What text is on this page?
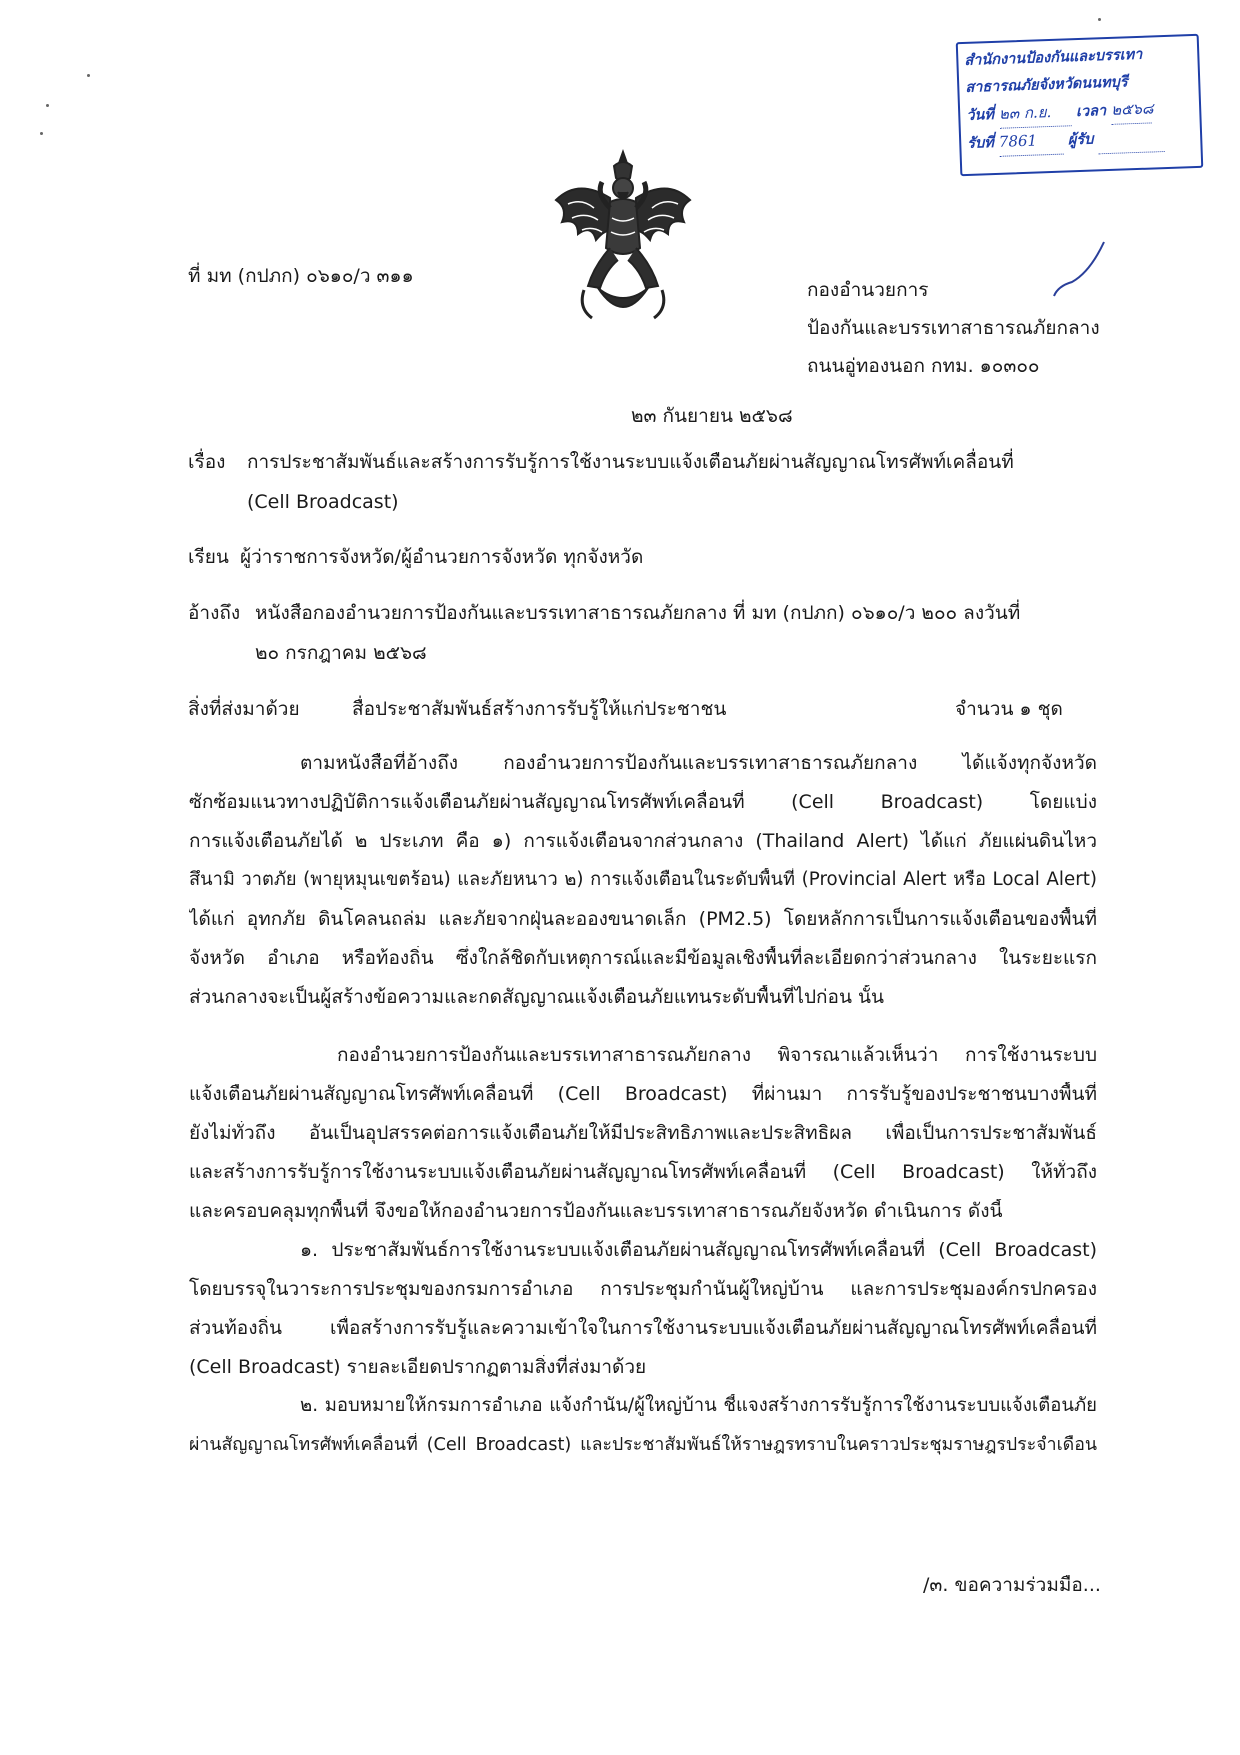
สำนักงานป้องกันและบรรเทา
สาธารณภัยจังหวัดนนทบุรี
วันที่ ๒๓ ก.ย. เวลา ๒๕๖๘
รับที่ 7861 ผู้รับ
ที่ มท (กปภก) ๐๖๑๐/ว ๓๑๑
กองอำนวยการ
ป้องกันและบรรเทาสาธารณภัยกลาง
ถนนอู่ทองนอก กทม. ๑๐๓๐๐
๒๓ กันยายน ๒๕๖๘
เรื่อง การประชาสัมพันธ์และสร้างการรับรู้การใช้งานระบบแจ้งเตือนภัยผ่านสัญญาณโทรศัพท์เคลื่อนที่
(Cell Broadcast)
เรียน ผู้ว่าราชการจังหวัด/ผู้อำนวยการจังหวัด ทุกจังหวัด
อ้างถึง หนังสือกองอำนวยการป้องกันและบรรเทาสาธารณภัยกลาง ที่ มท (กปภก) ๐๖๑๐/ว ๒๐๐ ลงวันที่
๒๐ กรกฎาคม ๒๕๖๘
สิ่งที่ส่งมาด้วย	สื่อประชาสัมพันธ์สร้างการรับรู้ให้แก่ประชาชน	จำนวน ๑ ชุด
ตามหนังสือที่อ้างถึง กองอำนวยการป้องกันและบรรเทาสาธารณภัยกลาง ได้แจ้งทุกจังหวัด
ซักซ้อมแนวทางปฏิบัติการแจ้งเตือนภัยผ่านสัญญาณโทรศัพท์เคลื่อนที่ (Cell Broadcast) โดยแบ่ง
การแจ้งเตือนภัยได้ ๒ ประเภท คือ ๑) การแจ้งเตือนจากส่วนกลาง (Thailand Alert) ได้แก่ ภัยแผ่นดินไหว
สึนามิ วาตภัย (พายุหมุนเขตร้อน) และภัยหนาว ๒) การแจ้งเตือนในระดับพื้นที่ (Provincial Alert หรือ Local Alert)
ได้แก่ อุทกภัย ดินโคลนถล่ม และภัยจากฝุ่นละอองขนาดเล็ก (PM2.5) โดยหลักการเป็นการแจ้งเตือนของพื้นที่
จังหวัด อำเภอ หรือท้องถิ่น ซึ่งใกล้ชิดกับเหตุการณ์และมีข้อมูลเชิงพื้นที่ละเอียดกว่าส่วนกลาง ในระยะแรก
ส่วนกลางจะเป็นผู้สร้างข้อความและกดสัญญาณแจ้งเตือนภัยแทนระดับพื้นที่ไปก่อน นั้น
กองอำนวยการป้องกันและบรรเทาสาธารณภัยกลาง พิจารณาแล้วเห็นว่า การใช้งานระบบ
แจ้งเตือนภัยผ่านสัญญาณโทรศัพท์เคลื่อนที่ (Cell Broadcast) ที่ผ่านมา การรับรู้ของประชาชนบางพื้นที่
ยังไม่ทั่วถึง อันเป็นอุปสรรคต่อการแจ้งเตือนภัยให้มีประสิทธิภาพและประสิทธิผล เพื่อเป็นการประชาสัมพันธ์
และสร้างการรับรู้การใช้งานระบบแจ้งเตือนภัยผ่านสัญญาณโทรศัพท์เคลื่อนที่ (Cell Broadcast) ให้ทั่วถึง
และครอบคลุมทุกพื้นที่ จึงขอให้กองอำนวยการป้องกันและบรรเทาสาธารณภัยจังหวัด ดำเนินการ ดังนี้
๑. ประชาสัมพันธ์การใช้งานระบบแจ้งเตือนภัยผ่านสัญญาณโทรศัพท์เคลื่อนที่ (Cell Broadcast)
โดยบรรจุในวาระการประชุมของกรมการอำเภอ การประชุมกำนันผู้ใหญ่บ้าน และการประชุมองค์กรปกครอง
ส่วนท้องถิ่น เพื่อสร้างการรับรู้และความเข้าใจในการใช้งานระบบแจ้งเตือนภัยผ่านสัญญาณโทรศัพท์เคลื่อนที่
(Cell Broadcast) รายละเอียดปรากฏตามสิ่งที่ส่งมาด้วย
๒. มอบหมายให้กรมการอำเภอ แจ้งกำนัน/ผู้ใหญ่บ้าน ชี้แจงสร้างการรับรู้การใช้งานระบบแจ้งเตือนภัย
ผ่านสัญญาณโทรศัพท์เคลื่อนที่ (Cell Broadcast) และประชาสัมพันธ์ให้ราษฎรทราบในคราวประชุมราษฎรประจำเดือน
/๓. ขอความร่วมมือ...
